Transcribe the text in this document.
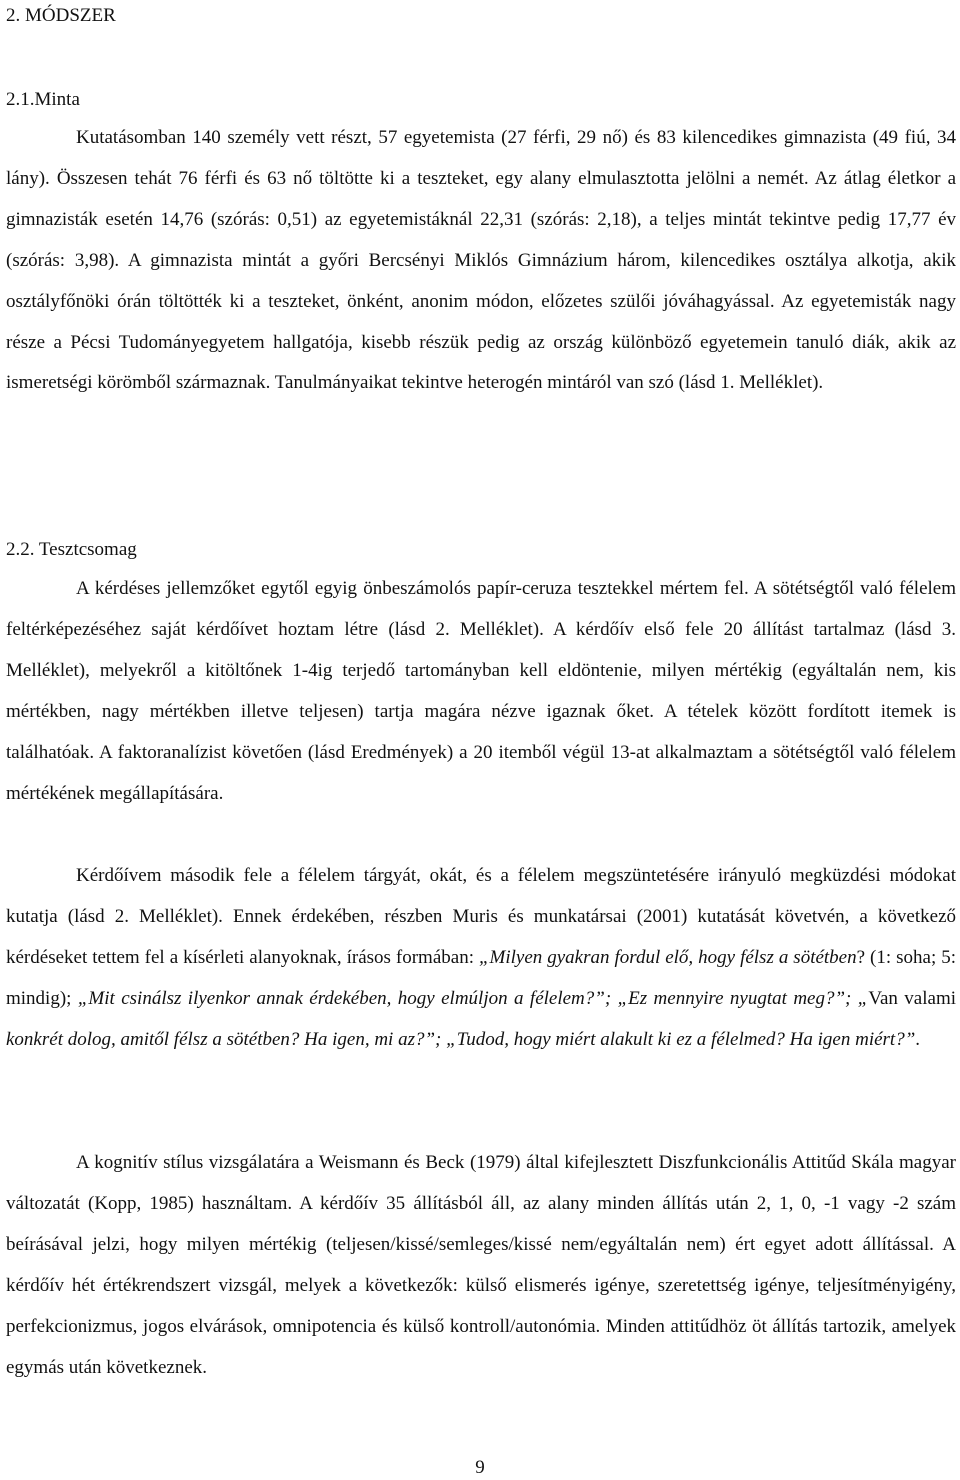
2. MÓDSZER
2.1.Minta

Kutatásomban 140 személy vett részt, 57 egyetemista (27 férfi, 29 nő) és 83 kilencedikes gimnazista (49 fiú, 34 lány). Összesen tehát 76 férfi és 63 nő töltötte ki a teszteket, egy alany elmulasztotta jelölni a nemét. Az átlag életkor a gimnazisták esetén 14,76 (szórás: 0,51) az egyetemistáknál 22,31 (szórás: 2,18), a teljes mintát tekintve pedig 17,77 év (szórás: 3,98). A gimnazista mintát a győri Bercsényi Miklós Gimnázium három, kilencedikes osztálya alkotja, akik osztályfőnöki órán töltötték ki a teszteket, önként, anonim módon, előzetes szülői jóváhagyással. Az egyetemisták nagy része a Pécsi Tudományegyetem hallgatója, kisebb részük pedig az ország különböző egyetemein tanuló diák, akik az ismeretségi körömből származnak. Tanulmányaikat tekintve heterogén mintáról van szó (lásd 1. Melléklet).

2.2. Tesztcsomag

A kérdéses jellemzőket egytől egyig önbeszámolós papír-ceruza tesztekkel mértem fel. A sötétségtől való félelem feltérképezéséhez saját kérdőívet hoztam létre (lásd 2. Melléklet). A kérdőív első fele 20 állítást tartalmaz (lásd 3. Melléklet), melyekről a kitöltőnek 1-4ig terjedő tartományban kell eldöntenie, milyen mértékig (egyáltalán nem, kis mértékben, nagy mértékben illetve teljesen) tartja magára nézve igaznak őket. A tételek között fordított itemek is találhatóak. A faktoranalízist követően (lásd Eredmények) a 20 itemből végül 13-at alkalmaztam a sötétségtől való félelem mértékének megállapítására.

Kérdőívem második fele a félelem tárgyát, okát, és a félelem megszüntetésére irányuló megküzdési módokat kutatja (lásd 2. Melléklet). Ennek érdekében, részben Muris és munkatársai (2001) kutatását követvén, a következő kérdéseket tettem fel a kísérleti alanyoknak, írásos formában: „Milyen gyakran fordul elő, hogy félsz a sötétben? (1: soha; 5: mindig); „Mit csinálsz ilyenkor annak érdekében, hogy elmúljon a félelem?”; „Ez mennyire nyugtat meg?”; „Van valami konkrét dolog, amitől félsz a sötétben? Ha igen, mi az?”; „Tudod, hogy miért alakult ki ez a félelmed? Ha igen miért?”.

A kognitív stílus vizsgálatára a Weismann és Beck (1979) által kifejlesztett Diszfunkcionális Attitűd Skála magyar változatát (Kopp, 1985) használtam. A kérdőív 35 állításból áll, az alany minden állítás után 2, 1, 0, -1 vagy -2 szám beírásával jelzi, hogy milyen mértékig (teljesen/kissé/semleges/kissé nem/egyáltalán nem) ért egyet adott állítással. A kérdőív hét értékrendszert vizsgál, melyek a következők: külső elismerés igénye, szeretettség igénye, teljesítményigény, perfekcionizmus, jogos elvárások, omnipotencia és külső kontroll/autonómia. Minden attitűdhöz öt állítás tartozik, amelyek egymás után következnek.

9
